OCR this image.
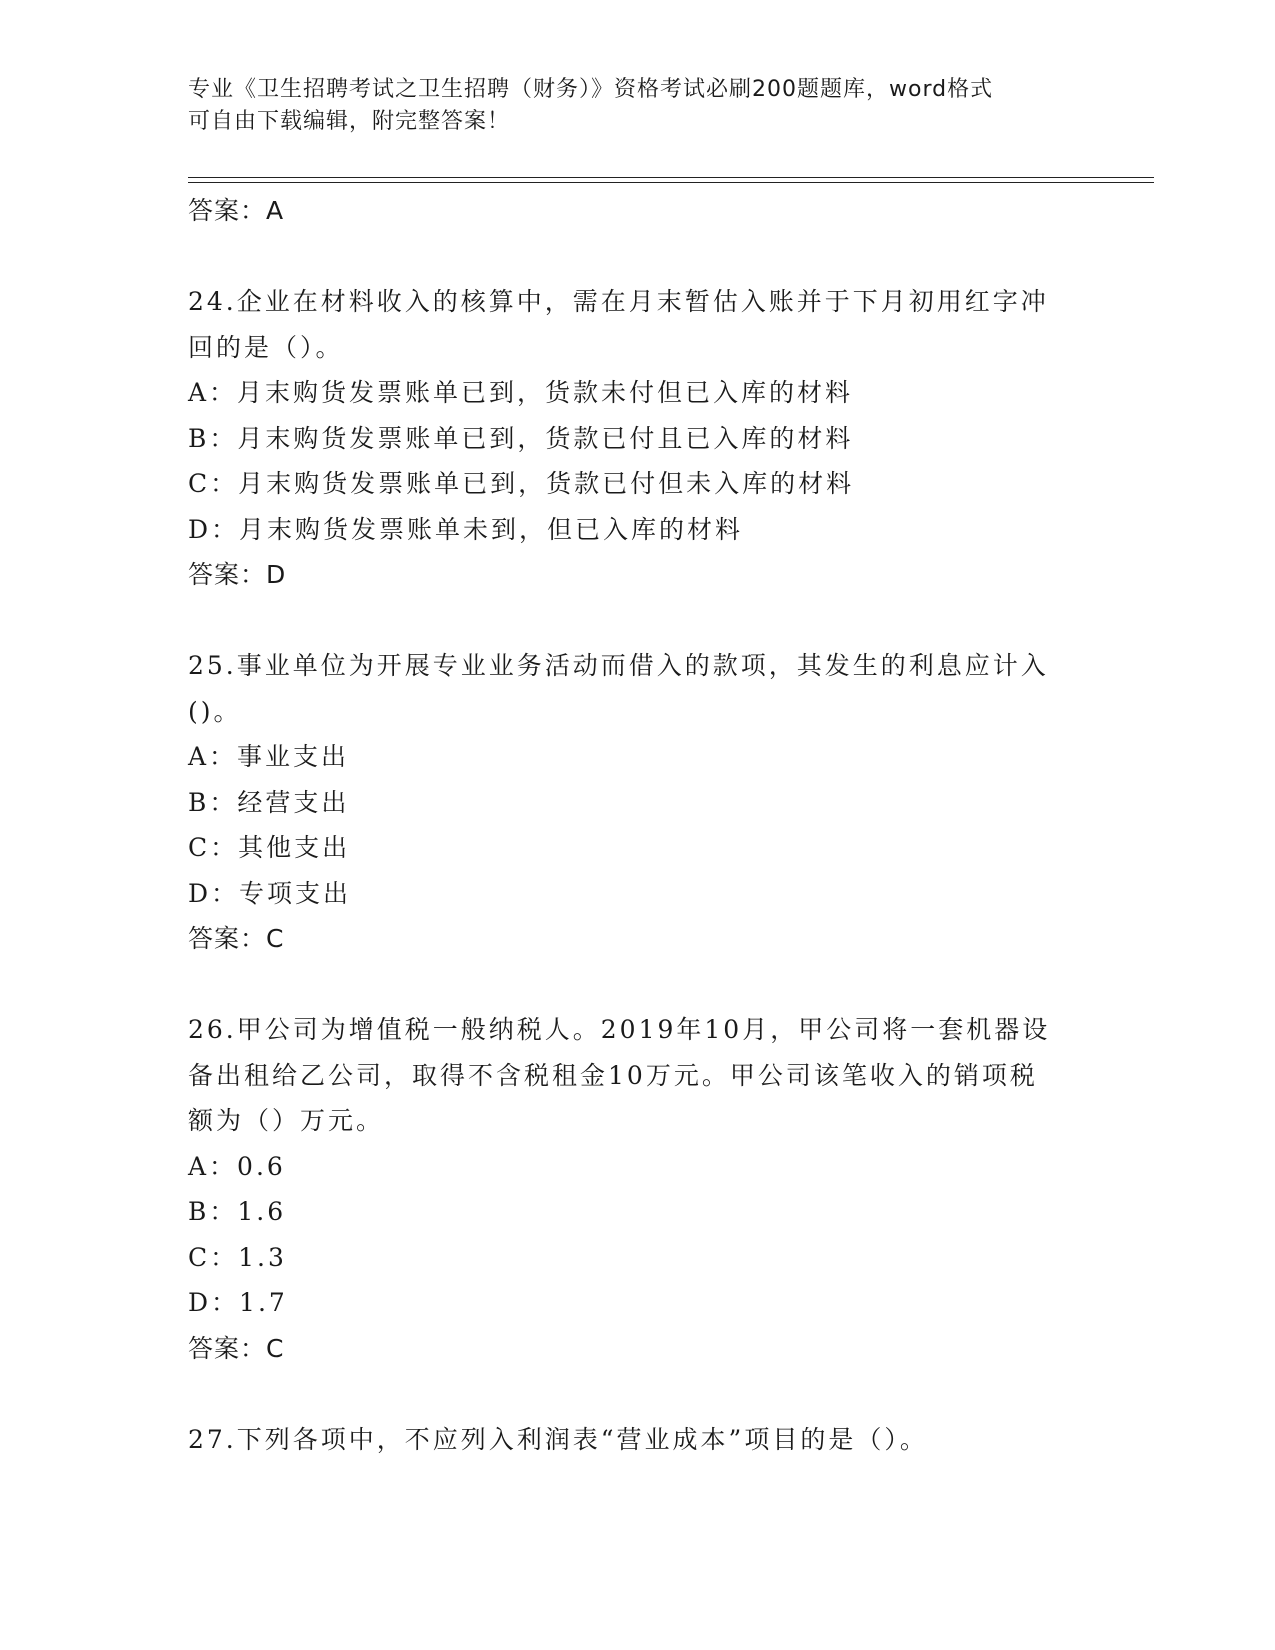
专业《卫生招聘考试之卫生招聘（财务）》资格考试必刷200题题库，word格式
可自由下载编辑，附完整答案！

答案：A

24.企业在材料收入的核算中，需在月末暂估入账并于下月初用红字冲

回的是（）。

A：月末购货发票账单已到，货款未付但已入库的材料

B：月末购货发票账单已到，货款已付且已入库的材料

C：月末购货发票账单已到，货款已付但未入库的材料

D：月末购货发票账单未到，但已入库的材料

答案：D

25.事业单位为开展专业业务活动而借入的款项，其发生的利息应计入

()。

A：事业支出

B：经营支出

C：其他支出

D：专项支出

答案：C

26.甲公司为增值税一般纳税人。2019年10月，甲公司将一套机器设

备出租给乙公司，取得不含税租金10万元。甲公司该笔收入的销项税

额为（）万元。

A：0.6

B：1.6

C：1.3

D：1.7

答案：C

27.下列各项中，不应列入利润表“营业成本”项目的是（）。
